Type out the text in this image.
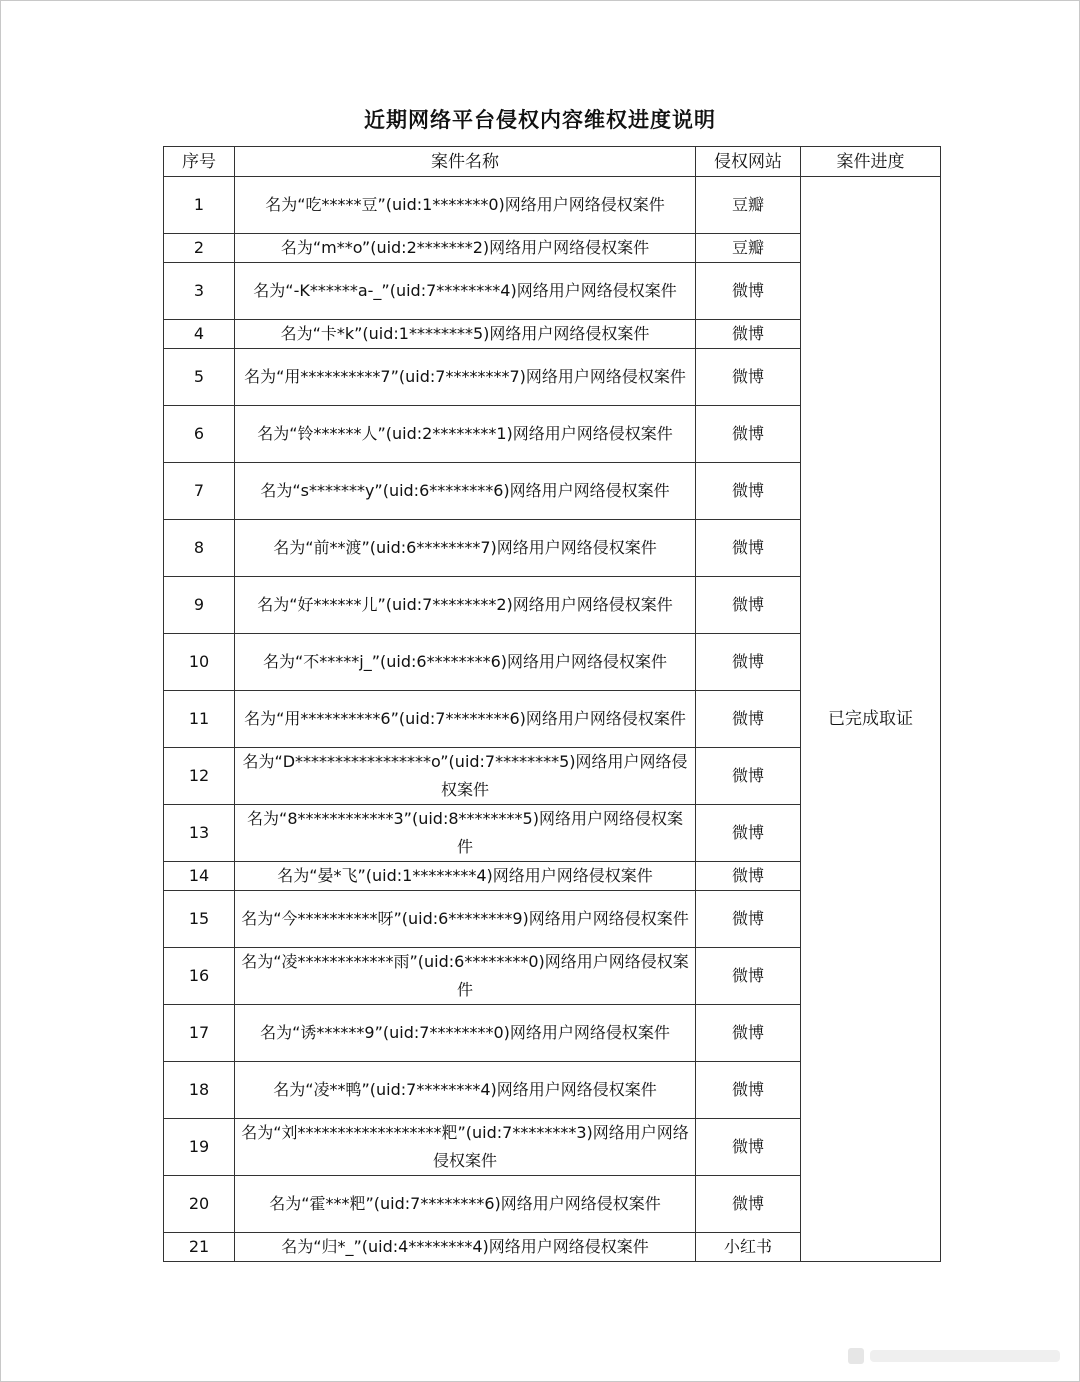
近期网络平台侵权内容维权进度说明
序号	案件名称	侵权网站	案件进度
1	名为“吃*****豆”(uid:1*******0)网络用户网络侵权案件	豆瓣	已完成取证
2	名为“m**o”(uid:2*******2)网络用户网络侵权案件	豆瓣	
3	名为“-K******a-_”(uid:7********4)网络用户网络侵权案件	微博	
4	名为“卡*k”(uid:1********5)网络用户网络侵权案件	微博	
5	名为“用**********7”(uid:7********7)网络用户网络侵权案件	微博	
6	名为“铃******人”(uid:2********1)网络用户网络侵权案件	微博	
7	名为“s*******y”(uid:6********6)网络用户网络侵权案件	微博	
8	名为“前**渡”(uid:6********7)网络用户网络侵权案件	微博	
9	名为“好******儿”(uid:7********2)网络用户网络侵权案件	微博	
10	名为“不*****j_”(uid:6********6)网络用户网络侵权案件	微博	
11	名为“用**********6”(uid:7********6)网络用户网络侵权案件	微博	
12	名为“D*****************o”(uid:7********5)网络用户网络侵权案件	微博	
13	名为“8************3”(uid:8********5)网络用户网络侵权案件	微博	
14	名为“晏*飞”(uid:1********4)网络用户网络侵权案件	微博	
15	名为“今**********呀”(uid:6********9)网络用户网络侵权案件	微博	
16	名为“凌************雨”(uid:6********0)网络用户网络侵权案件	微博	
17	名为“诱******9”(uid:7********0)网络用户网络侵权案件	微博	
18	名为“凌**鸭”(uid:7********4)网络用户网络侵权案件	微博	
19	名为“刘******************粑”(uid:7********3)网络用户网络侵权案件	微博	
20	名为“霍***粑”(uid:7********6)网络用户网络侵权案件	微博	
21	名为“归*_”(uid:4********4)网络用户网络侵权案件	小红书	
